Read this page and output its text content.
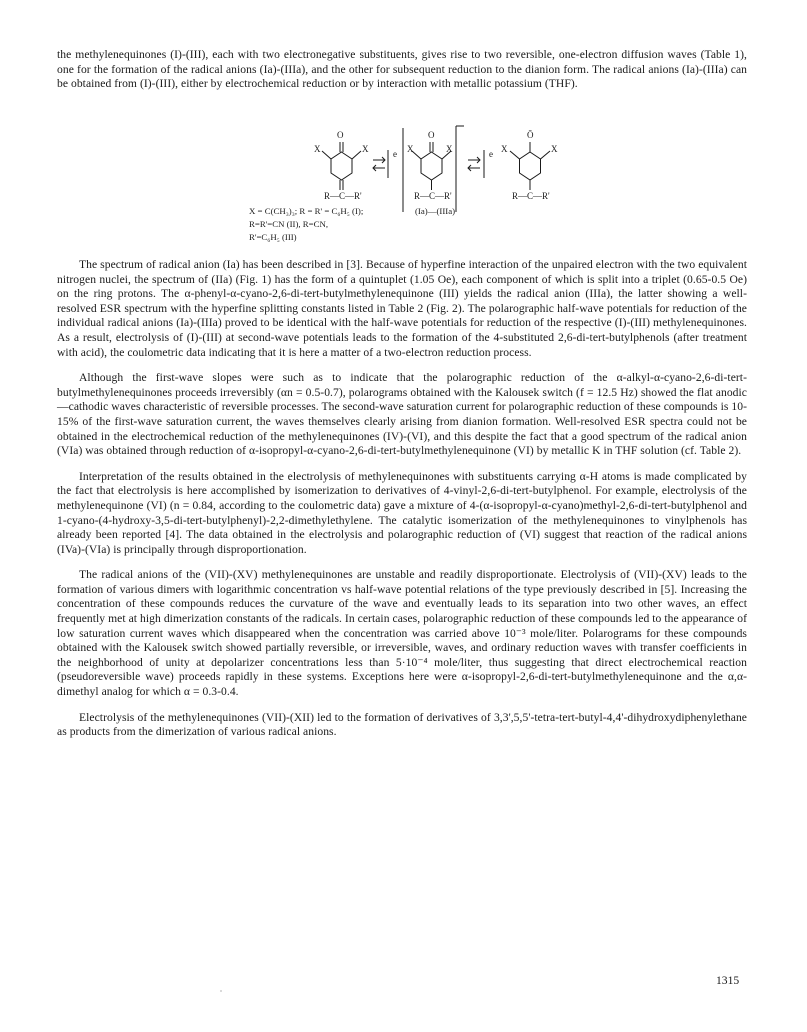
the methylenequinones (I)-(III), each with two electronegative substituents, gives rise to two reversible, one-electron diffusion waves (Table 1), one for the formation of the radical anions (Ia)-(IIIa), and the other for subsequent reduction to the dianion form. The radical anions (Ia)-(IIIa) can be obtained from (I)-(III), either by electrochemical reduction or by interaction with metallic potassium (THF).

O
X	X
R—C—R'
e
O
X	X
R—C—R'
e
Ō
X	X
R—C—R'
X = C(CH₃)₃; R = R' = C₆H₅ (I);
R=R'=CN (II), R=CN,
R'=C₆H₅ (III)
(Ia)—(IIIa)

The spectrum of radical anion (Ia) has been described in [3]. Because of hyperfine interaction of the unpaired electron with the two equivalent nitrogen nuclei, the spectrum of (IIa) (Fig. 1) has the form of a quintuplet (1.05 Oe), each component of which is split into a triplet (0.65-0.5 Oe) on the ring protons. The α-phenyl-α-cyano-2,6-di-tert-butylmethylenequinone (III) yields the radical anion (IIIa), the latter showing a well-resolved ESR spectrum with the hyperfine splitting constants listed in Table 2 (Fig. 2). The polarographic half-wave potentials for reduction of the individual radical anions (Ia)-(IIIa) proved to be identical with the half-wave potentials for reduction of the respective (I)-(III) methylenequinones. As a result, electrolysis of (I)-(III) at second-wave potentials leads to the formation of the 4-substituted 2,6-di-tert-butylphenols (after treatment with acid), the coulometric data indicating that it is here a matter of a two-electron reduction process.

Although the first-wave slopes were such as to indicate that the polarographic reduction of the α-alkyl-α-cyano-2,6-di-tert-butylmethylenequinones proceeds irreversibly (αn = 0.5-0.7), polarograms obtained with the Kalousek switch (f = 12.5 Hz) showed the flat anodic—cathodic waves characteristic of reversible processes. The second-wave saturation current for polarographic reduction of these compounds is 10-15% of the first-wave saturation current, the waves themselves clearly arising from dianion formation. Well-resolved ESR spectra could not be obtained in the electrochemical reduction of the methylenequinones (IV)-(VI), and this despite the fact that a good spectrum of the radical anion (VIa) was obtained through reduction of α-isopropyl-α-cyano-2,6-di-tert-butylmethylenequinone (VI) by metallic K in THF solution (cf. Table 2).

Interpretation of the results obtained in the electrolysis of methylenequinones with substituents carrying α-H atoms is made complicated by the fact that electrolysis is here accomplished by isomerization to derivatives of 4-vinyl-2,6-di-tert-butylphenol. For example, electrolysis of the methylenequinone (VI) (n = 0.84, according to the coulometric data) gave a mixture of 4-(α-isopropyl-α-cyano)methyl-2,6-di-tert-butylphenol and 1-cyano-(4-hydroxy-3,5-di-tert-butylphenyl)-2,2-dimethylethylene. The catalytic isomerization of the methylenequinones to vinylphenols has already been reported [4]. The data obtained in the electrolysis and polarographic reduction of (VI) suggest that reaction of the radical anions (IVa)-(VIa) is principally through disproportionation.

The radical anions of the (VII)-(XV) methylenequinones are unstable and readily disproportionate. Electrolysis of (VII)-(XV) leads to the formation of various dimers with logarithmic concentration vs half-wave potential relations of the type previously described in [5]. Increasing the concentration of these compounds reduces the curvature of the wave and eventually leads to its separation into two other waves, an effect frequently met at high dimerization constants of the radicals. In certain cases, polarographic reduction of these compounds led to the appearance of low saturation current waves which disappeared when the concentration was carried above 10⁻³ mole/liter. Polarograms for these compounds obtained with the Kalousek switch showed partially reversible, or irreversible, waves, and ordinary reduction waves with transfer coefficients in the neighborhood of unity at depolarizer concentrations less than 5·10⁻⁴ mole/liter, thus suggesting that direct electrochemical reaction (pseudoreversible wave) proceeds rapidly in these systems. Exceptions here were α-isopropyl-2,6-di-tert-butylmethylenequinone and the α,α-dimethyl analog for which α = 0.3-0.4.

Electrolysis of the methylenequinones (VII)-(XII) led to the formation of derivatives of 3,3',5,5'-tetra-tert-butyl-4,4'-dihydroxydiphenylethane as products from the dimerization of various radical anions.

1315
